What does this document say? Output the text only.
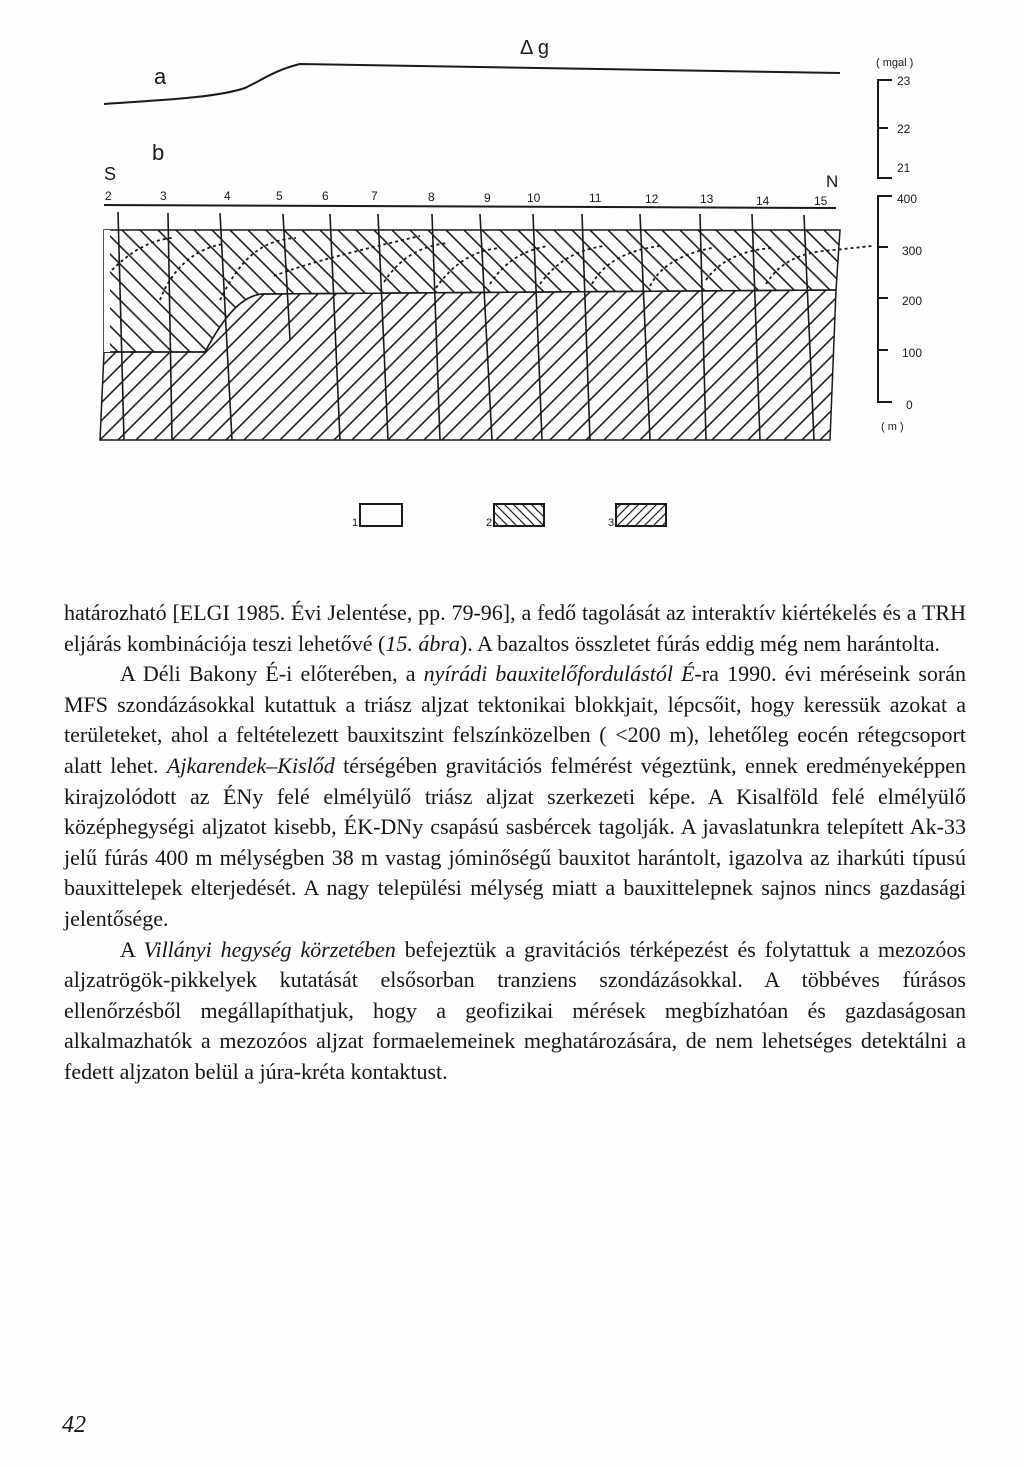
a
Δ g
( mgal )
23
22
21
400
300
200
100
0
( m )
S	N
b
2	3	4	5	6	7	8	9	10	11	12	13	14	15
1	2	3

határozható [ELGI 1985. Évi Jelentése, pp. 79-96], a fedő tagolását az interaktív kiértékelés és a TRH eljárás kombinációja teszi lehetővé (15. ábra). A bazaltos összletet fúrás eddig még nem harántolta.

A Déli Bakony É-i előterében, a nyírádi bauxitelőfordulástól É-ra 1990. évi méréseink során MFS szondázásokkal kutattuk a triász aljzat tektonikai blokkjait, lépcsőit, hogy keressük azokat a területeket, ahol a feltételezett bauxitszint felszínközelben ( <200 m), lehetőleg eocén rétegcsoport alatt lehet. Ajkarendek–Kislőd térségében gravitációs felmérést végeztünk, ennek eredményeképpen kirajzolódott az ÉNy felé elmélyülő triász aljzat szerkezeti képe. A Kisalföld felé elmélyülő középhegységi aljzatot kisebb, ÉK-DNy csapású sasbércek tagolják. A javaslatunkra telepített Ak-33 jelű fúrás 400 m mélységben 38 m vastag jóminőségű bauxitot harántolt, igazolva az iharkúti típusú bauxittelepek elterjedését. A nagy települési mélység miatt a bauxittelepnek sajnos nincs gazdasági jelentősége.

A Villányi hegység körzetében befejeztük a gravitációs térképezést és folytattuk a mezozóos aljzatrögök-pikkelyek kutatását elsősorban tranziens szondázásokkal. A többéves fúrásos ellenőrzésből megállapíthatjuk, hogy a geofizikai mérések megbízhatóan és gazdaságosan alkalmazhatók a mezozóos aljzat formaelemeinek meghatározására, de nem lehetséges detektálni a fedett aljzaton belül a júra-kréta kontaktust.

42
